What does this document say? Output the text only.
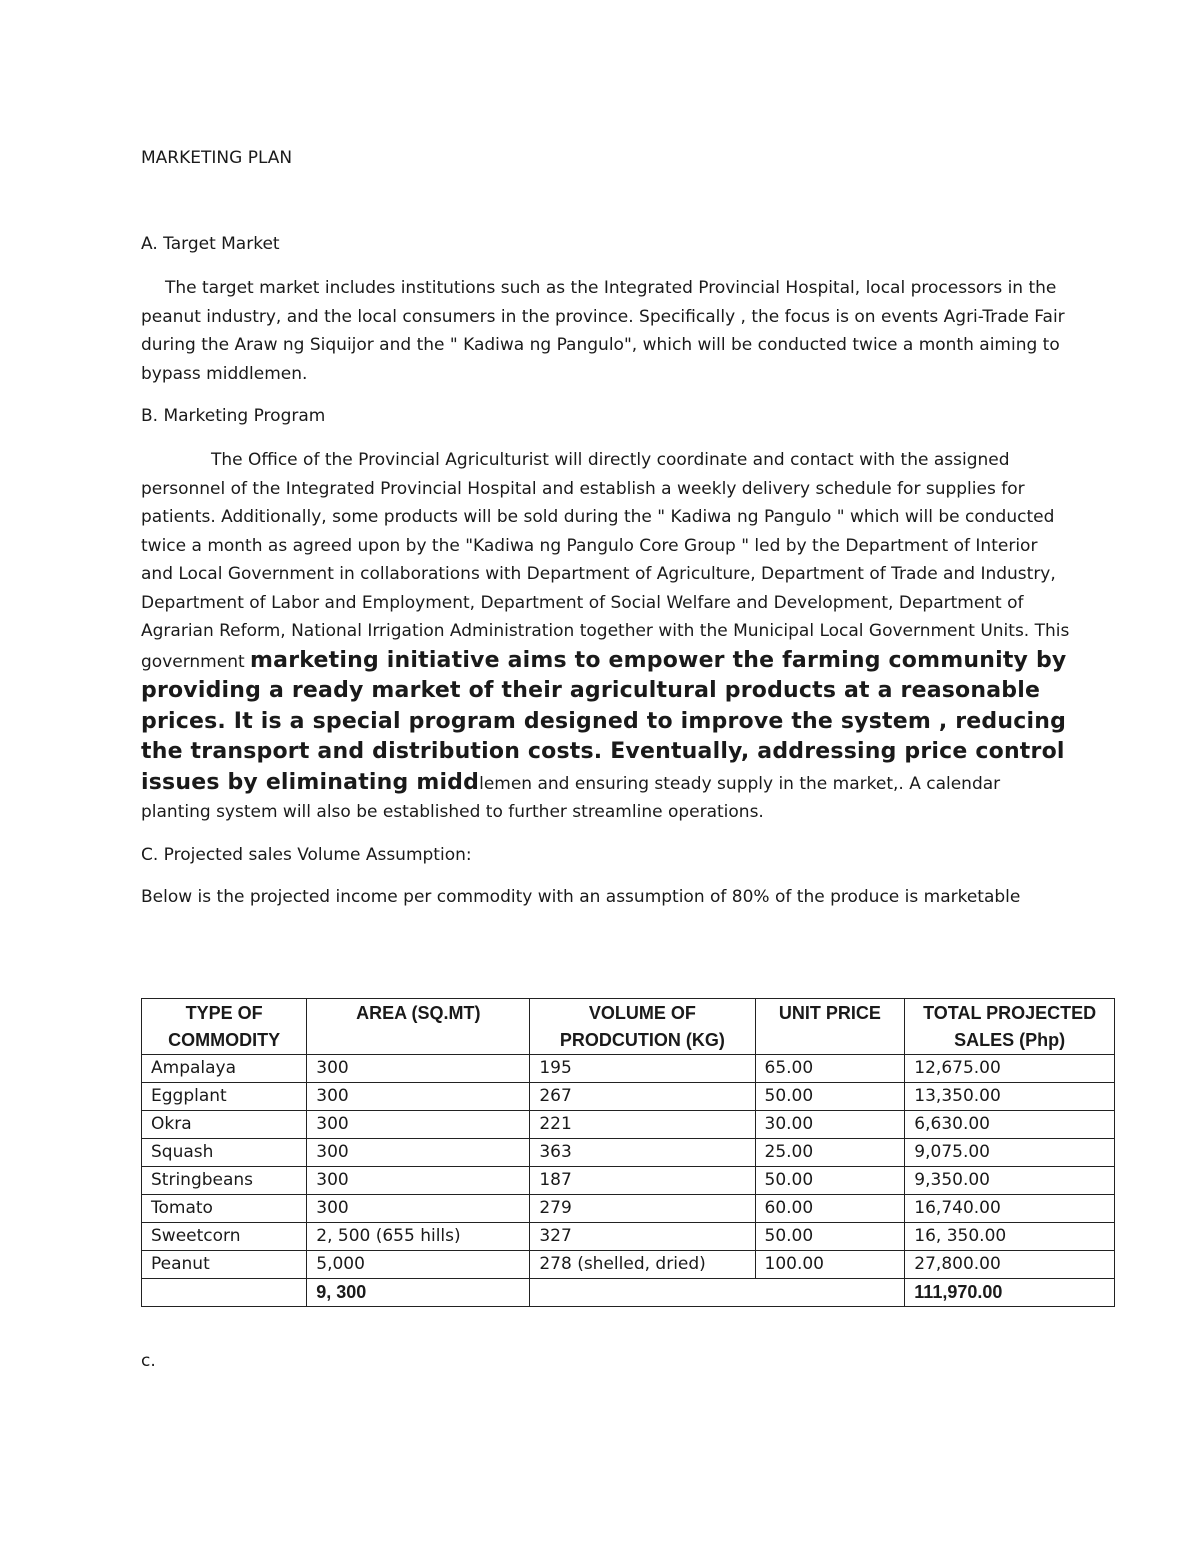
MARKETING PLAN

A. Target Market

The target market includes institutions such as the Integrated Provincial Hospital, local processors in the peanut industry, and the local consumers in the province. Specifically , the focus is on events Agri-Trade Fair during the Araw ng Siquijor and the " Kadiwa ng Pangulo", which will be conducted twice a month aiming to bypass middlemen.

B. Marketing Program

The Office of the Provincial Agriculturist will directly coordinate and contact with the assigned personnel of the Integrated Provincial Hospital and establish a weekly delivery schedule for supplies for patients. Additionally, some products will be sold during the " Kadiwa ng Pangulo " which will be conducted twice a month as agreed upon by the "Kadiwa ng Pangulo Core Group " led by the Department of Interior and Local Government in collaborations with Department of Agriculture, Department of Trade and Industry, Department of Labor and Employment, Department of Social Welfare and Development, Department of Agrarian Reform, National Irrigation Administration together with the Municipal Local Government Units. This government marketing initiative aims to empower the farming community by providing a ready market of their agricultural products at a reasonable prices. It is a special program designed to improve the system , reducing the transport and distribution costs. Eventually, addressing price control issues by eliminating middlemen and ensuring steady supply in the market,. A calendar planting system will also be established to further streamline operations.

C. Projected sales Volume Assumption:

Below is the projected income per commodity with an assumption of 80% of the produce is marketable

TYPE OF COMMODITY	AREA (SQ.MT)	VOLUME OF PRODCUTION (KG)	UNIT PRICE	TOTAL PROJECTED SALES (Php)
Ampalaya	300	195	65.00	12,675.00
Eggplant	300	267	50.00	13,350.00
Okra	300	221	30.00	6,630.00
Squash	300	363	25.00	9,075.00
Stringbeans	300	187	50.00	9,350.00
Tomato	300	279	60.00	16,740.00
Sweetcorn	2, 500 (655 hills)	327	50.00	16, 350.00
Peanut	5,000	278 (shelled, dried)	100.00	27,800.00
	9, 300			111,970.00

c.
